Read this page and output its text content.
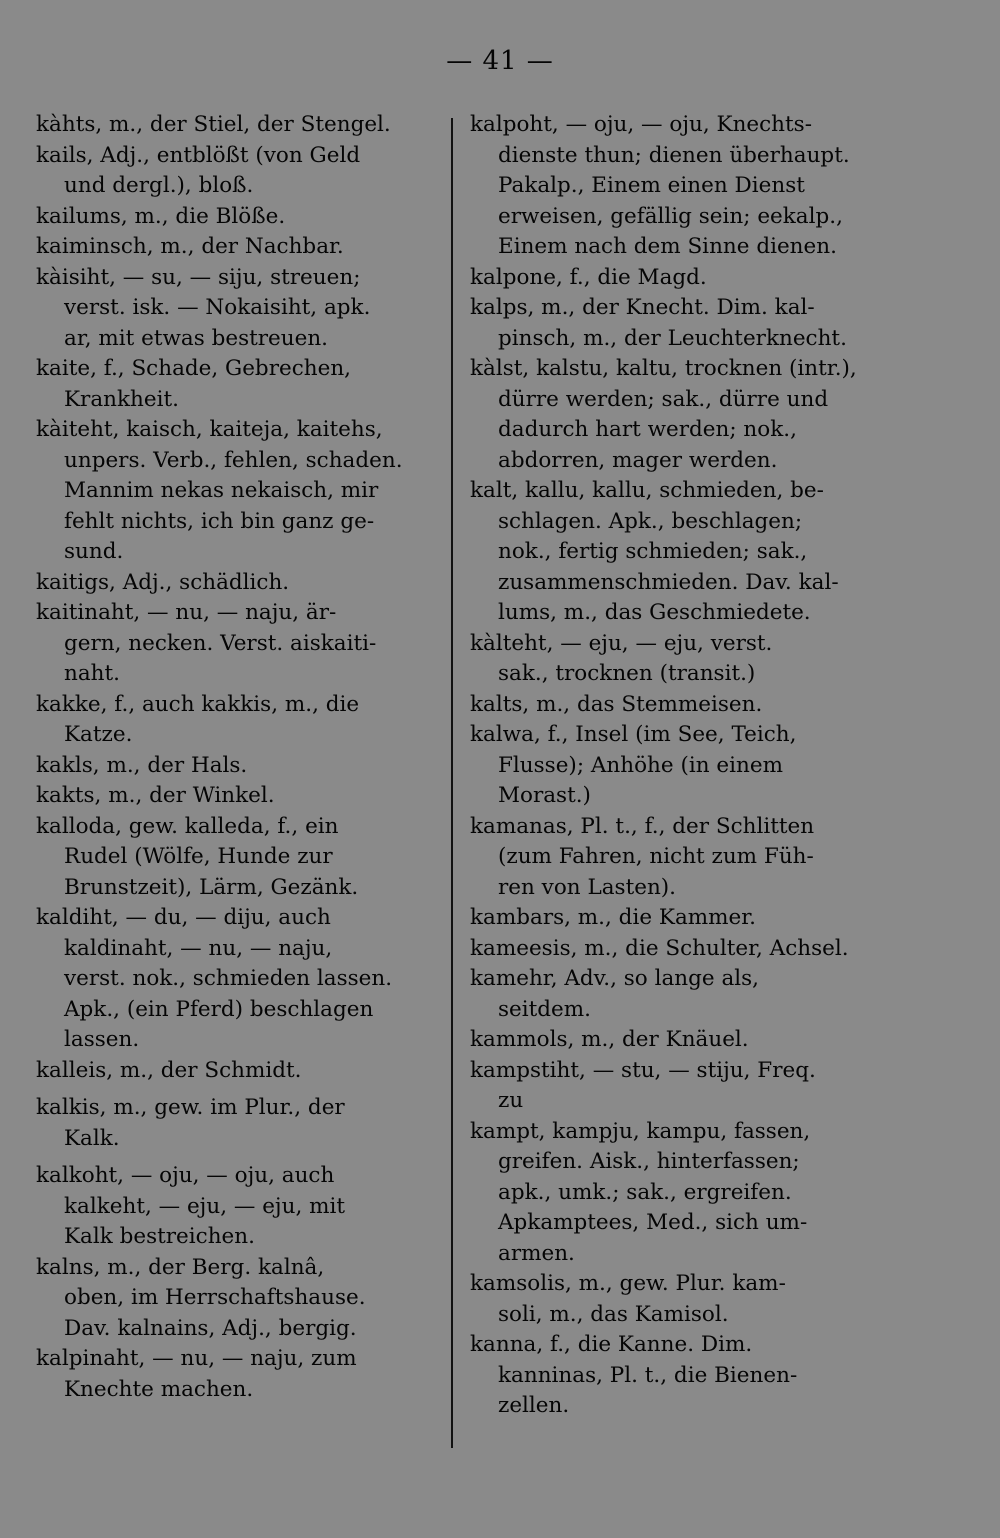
— 41 —
kàhts, m., der Stiel, der Stengel.
kails, Adj., entblößt (von Geld
und dergl.), bloß.
kailums, m., die Blöße.
kaiminsch, m., der Nachbar.
kàisiht, — su, — siju, streuen;
verst. isk. — Nokaisiht, apk.
ar, mit etwas bestreuen.
kaite, f., Schade, Gebrechen,
Krankheit.
kàiteht, kaisch, kaiteja, kaitehs,
unpers. Verb., fehlen, schaden.
Mannim nekas nekaisch, mir
fehlt nichts, ich bin ganz ge-
sund.
kaitigs, Adj., schädlich.
kaitinaht, — nu, — naju, är-
gern, necken. Verst. aiskaiti-
naht.
kakke, f., auch kakkis, m., die
Katze.
kakls, m., der Hals.
kakts, m., der Winkel.
kalloda, gew. kalleda, f., ein
Rudel (Wölfe, Hunde zur
Brunstzeit), Lärm, Gezänk.
kaldiht, — du, — diju, auch
kaldinaht, — nu, — naju,
verst. nok., schmieden lassen.
Apk., (ein Pferd) beschlagen
lassen.
kalleis, m., der Schmidt.
kalkis, m., gew. im Plur., der
Kalk.
kalkoht, — oju, — oju, auch
kalkeht, — eju, — eju, mit
Kalk bestreichen.
kalns, m., der Berg. kalnâ,
oben, im Herrschaftshause.
Dav. kalnains, Adj., bergig.
kalpinaht, — nu, — naju, zum
Knechte machen.
kalpoht, — oju, — oju, Knechts-
dienste thun; dienen überhaupt.
Pakalp., Einem einen Dienst
erweisen, gefällig sein; eekalp.,
Einem nach dem Sinne dienen.
kalpone, f., die Magd.
kalps, m., der Knecht. Dim. kal-
pinsch, m., der Leuchterknecht.
kàlst, kalstu, kaltu, trocknen (intr.),
dürre werden; sak., dürre und
dadurch hart werden; nok.,
abdorren, mager werden.
kalt, kallu, kallu, schmieden, be-
schlagen. Apk., beschlagen;
nok., fertig schmieden; sak.,
zusammenschmieden. Dav. kal-
lums, m., das Geschmiedete.
kàlteht, — eju, — eju, verst.
sak., trocknen (transit.)
kalts, m., das Stemmeisen.
kalwa, f., Insel (im See, Teich,
Flusse); Anhöhe (in einem
Morast.)
kamanas, Pl. t., f., der Schlitten
(zum Fahren, nicht zum Füh-
ren von Lasten).
kambars, m., die Kammer.
kameesis, m., die Schulter, Achsel.
kamehr, Adv., so lange als,
seitdem.
kammols, m., der Knäuel.
kampstiht, — stu, — stiju, Freq.
zu
kampt, kampju, kampu, fassen,
greifen. Aisk., hinterfassen;
apk., umk.; sak., ergreifen.
Apkamptees, Med., sich um-
armen.
kamsolis, m., gew. Plur. kam-
soli, m., das Kamisol.
kanna, f., die Kanne. Dim.
kanninas, Pl. t., die Bienen-
zellen.
